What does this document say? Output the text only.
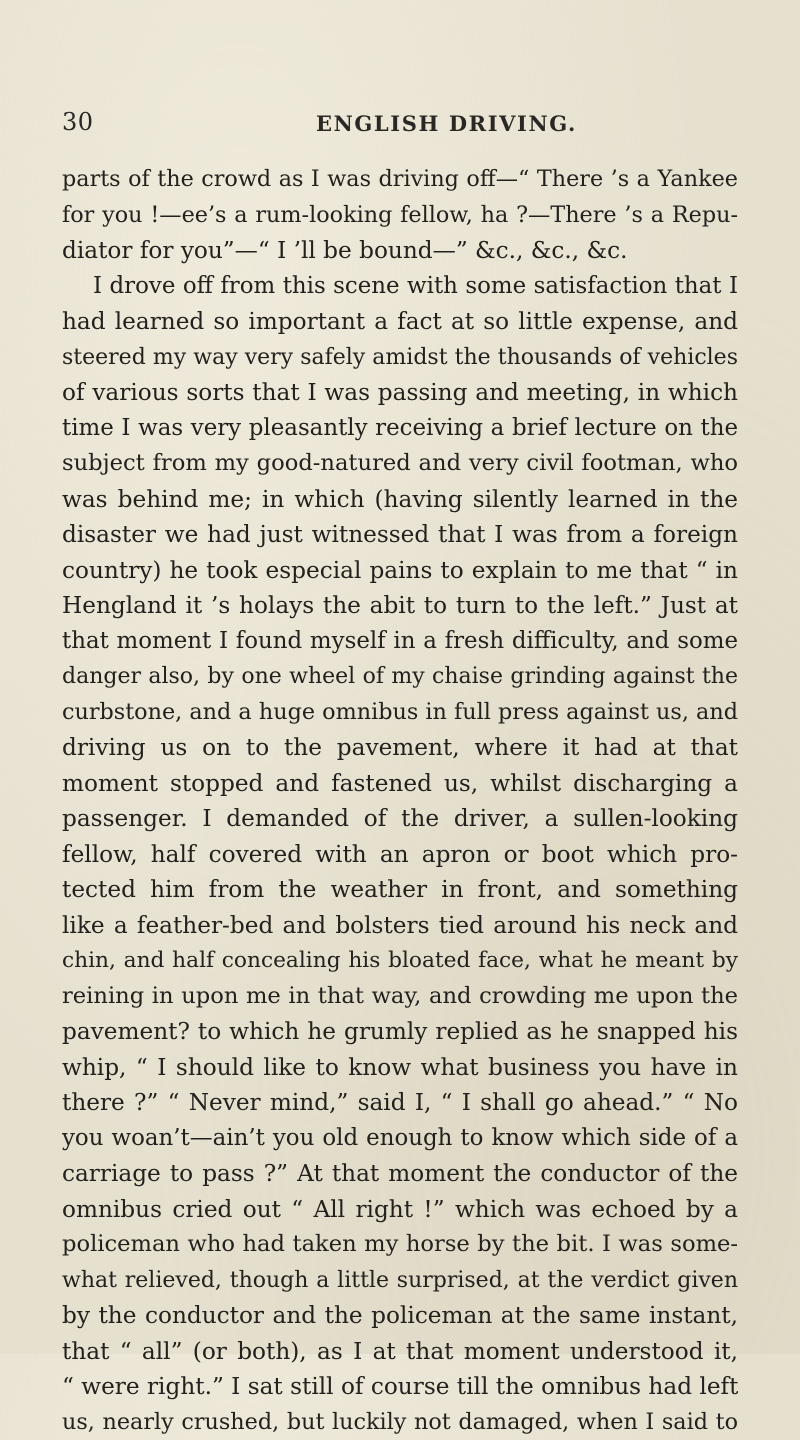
30	ENGLISH DRIVING.
parts of the crowd as I was driving off—“ There ’s a Yankee
for you !—ee’s a rum-looking fellow, ha ?—There ’s a Repu-
diator for you”—“ I ’ll be bound—” &c., &c., &c.
I drove off from this scene with some satisfaction that I
had learned so important a fact at so little expense, and
steered my way very safely amidst the thousands of vehicles
of various sorts that I was passing and meeting, in which
time I was very pleasantly receiving a brief lecture on the
subject from my good-natured and very civil footman, who
was behind me; in which (having silently learned in the
disaster we had just witnessed that I was from a foreign
country) he took especial pains to explain to me that “ in
Hengland it ’s holays the abit to turn to the left.” Just at
that moment I found myself in a fresh difficulty, and some
danger also, by one wheel of my chaise grinding against the
curbstone, and a huge omnibus in full press against us, and
driving us on to the pavement, where it had at that
moment stopped and fastened us, whilst discharging a
passenger. I demanded of the driver, a sullen-looking
fellow, half covered with an apron or boot which pro-
tected him from the weather in front, and something
like a feather-bed and bolsters tied around his neck and
chin, and half concealing his bloated face, what he meant by
reining in upon me in that way, and crowding me upon the
pavement? to which he grumly replied as he snapped his
whip, “ I should like to know what business you have in
there ?” “ Never mind,” said I, “ I shall go ahead.” “ No
you woan’t—ain’t you old enough to know which side of a
carriage to pass ?” At that moment the conductor of the
omnibus cried out “ All right !” which was echoed by a
policeman who had taken my horse by the bit. I was some-
what relieved, though a little surprised, at the verdict given
by the conductor and the policeman at the same instant,
that “ all” (or both), as I at that moment understood it,
“ were right.” I sat still of course till the omnibus had left
us, nearly crushed, but luckily not damaged, when I said to
